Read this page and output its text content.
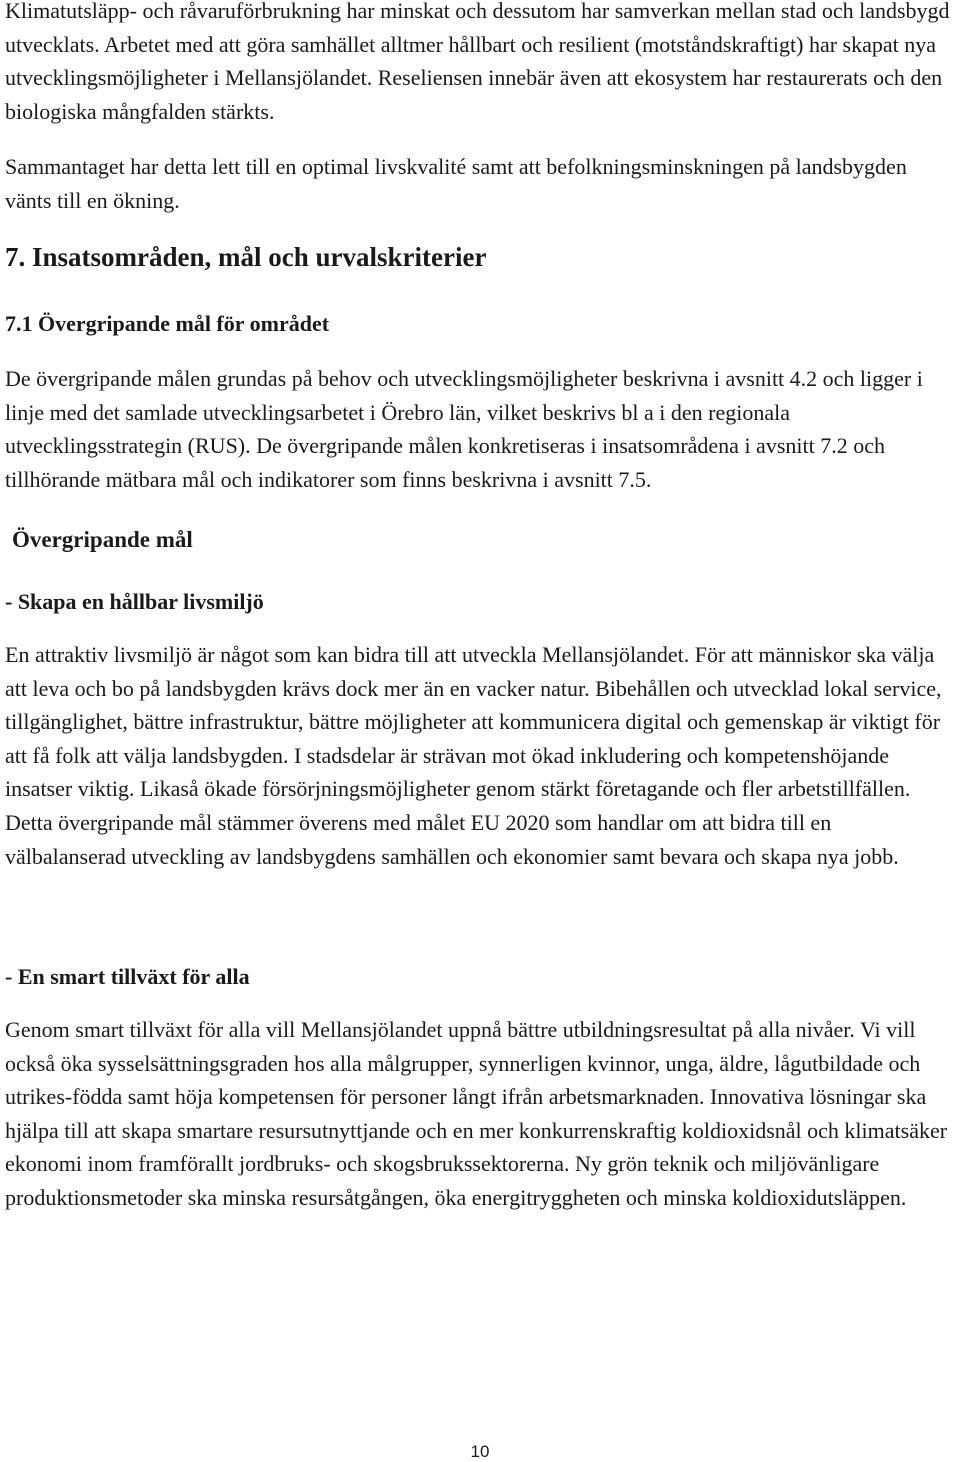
Klimatutsläpp- och råvaruförbrukning har minskat och dessutom har samverkan mellan stad och landsbygd utvecklats. Arbetet med att göra samhället alltmer hållbart och resilient (motståndskraftigt) har skapat nya utvecklingsmöjligheter i Mellansjölandet. Reseliensen innebär även att ekosystem har restaurerats och den biologiska mångfalden stärkts.

Sammantaget har detta lett till en optimal livskvalité samt att befolkningsminskningen på landsbygden vänts till en ökning.

7. Insatsområden, mål och urvalskriterier
7.1 Övergripande mål för området

De övergripande målen grundas på behov och utvecklingsmöjligheter beskrivna i avsnitt 4.2 och ligger i linje med det samlade utvecklingsarbetet i Örebro län, vilket beskrivs bl a i den regionala utvecklingsstrategin (RUS). De övergripande målen konkretiseras i insatsområdena i avsnitt 7.2 och tillhörande mätbara mål och indikatorer som finns beskrivna i avsnitt 7.5.

Övergripande mål
- Skapa en hållbar livsmiljö

En attraktiv livsmiljö är något som kan bidra till att utveckla Mellansjölandet. För att människor ska välja att leva och bo på landsbygden krävs dock mer än en vacker natur. Bibehållen och utvecklad lokal service, tillgänglighet, bättre infrastruktur, bättre möjligheter att kommunicera digital och gemenskap är viktigt för att få folk att välja landsbygden. I stadsdelar är strävan mot ökad inkludering och kompetenshöjande insatser viktig. Likaså ökade försörjningsmöjligheter genom stärkt företagande och fler arbetstillfällen. Detta övergripande mål stämmer överens med målet EU 2020 som handlar om att bidra till en välbalanserad utveckling av landsbygdens samhällen och ekonomier samt bevara och skapa nya jobb.

- En smart tillväxt för alla

Genom smart tillväxt för alla vill Mellansjölandet uppnå bättre utbildningsresultat på alla nivåer. Vi vill också öka sysselsättningsgraden hos alla målgrupper, synnerligen kvinnor, unga, äldre, lågutbildade och utrikes-födda samt höja kompetensen för personer långt ifrån arbetsmarknaden. Innovativa lösningar ska hjälpa till att skapa smartare resursutnyttjande och en mer konkurrenskraftig koldioxidsnål och klimatsäker ekonomi inom framförallt jordbruks- och skogsbrukssektorerna. Ny grön teknik och miljövänligare produktionsmetoder ska minska resursåtgången, öka energitryggheten och minska koldioxidutsläppen.

10
